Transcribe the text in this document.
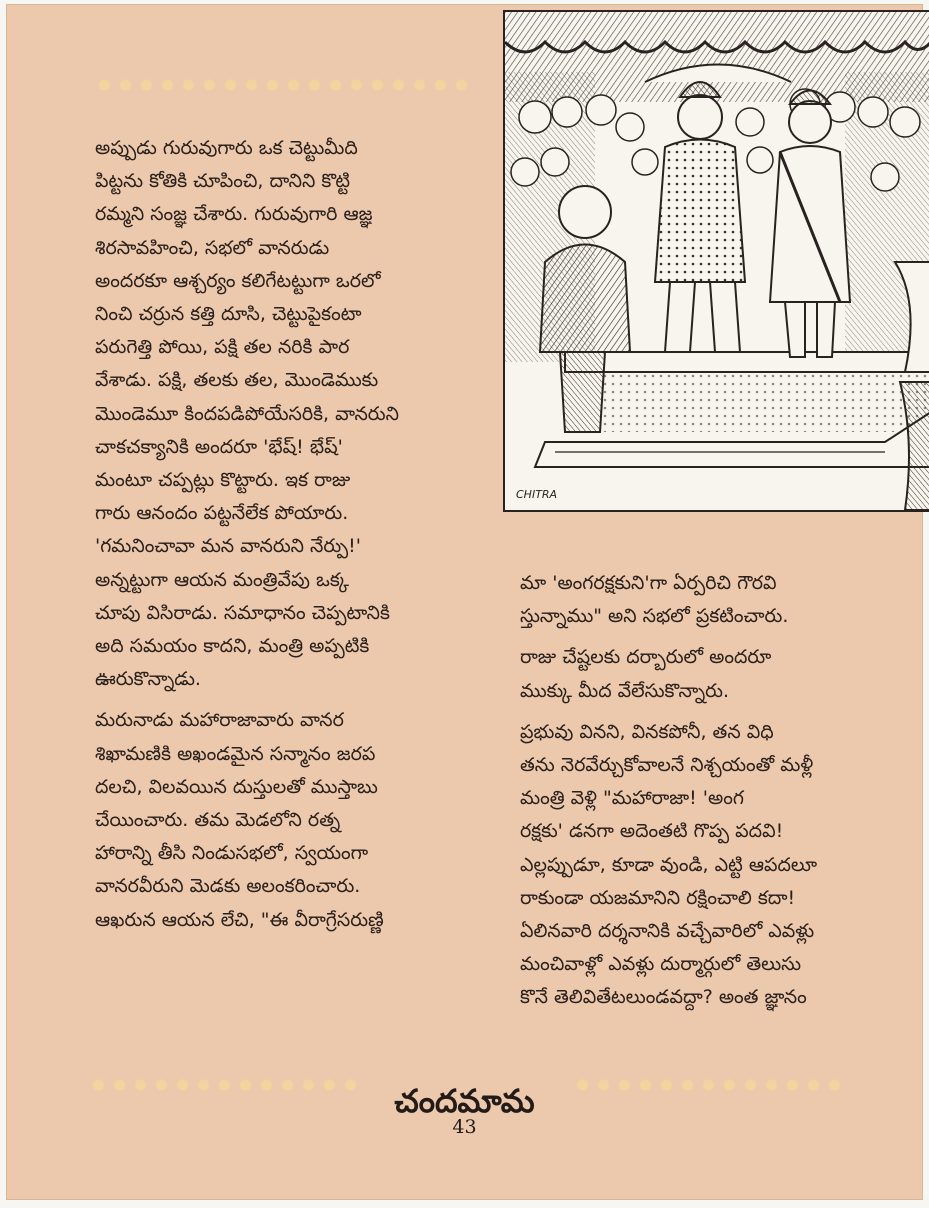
అప్పుడు గురువుగారు ఒక చెట్టుమీది
పిట్టను కోతికి చూపించి, దానిని కొట్టి
రమ్మని సంజ్ఞ చేశారు. గురువుగారి ఆజ్ఞ
శిరసావహించి, సభలో వానరుడు
అందరకూ ఆశ్చర్యం కలిగేటట్టుగా ఒరలో
నించి చర్రున కత్తి దూసి, చెట్టుపైకంటా
పరుగెత్తి పోయి, పక్షి తల నరికి పార
వేశాడు. పక్షి, తలకు తల, మొండెముకు
మొండెమూ కిందపడిపోయేసరికి, వానరుని
చాకచక్యానికి అందరూ 'భేష్! భేష్'
మంటూ చప్పట్లు కొట్టారు. ఇక రాజు
గారు ఆనందం పట్టనేలేక పోయారు.
'గమనించావా మన వానరుని నేర్పు!'
అన్నట్టుగా ఆయన మంత్రివేపు ఒక్క
చూపు విసిరాడు. సమాధానం చెప్పటానికి
అది సమయం కాదని, మంత్రి అప్పటికి
ఊరుకొన్నాడు.

మరునాడు మహారాజావారు వానర
శిఖామణికి అఖండమైన సన్మానం జరప
దలచి, విలవయిన దుస్తులతో ముస్తాబు
చేయించారు. తమ మెడలోని రత్న
హారాన్ని తీసి నిండుసభలో, స్వయంగా
వానరవీరుని మెడకు అలంకరించారు.
ఆఖరున ఆయన లేచి, "ఈ వీరాగ్రేసరుణ్ణి

CHITRA

మా 'అంగరక్షకుని'గా ఏర్పరిచి గౌరవి
స్తున్నాము" అని సభలో ప్రకటించారు.

రాజు చేష్టలకు దర్బారులో అందరూ
ముక్కు మీద వేలేసుకొన్నారు.

ప్రభువు వినని, వినకపోనీ, తన విధి
తను నెరవేర్చుకోవాలనే నిశ్చయంతో మళ్లీ
మంత్రి వెళ్లి "మహారాజా! 'అంగ
రక్షకు' డనగా అదెంతటి గొప్ప పదవి!
ఎల్లప్పుడూ, కూడా వుండి, ఎట్టి ఆపదలూ
రాకుండా యజమానిని రక్షించాలి కదా!
ఏలినవారి దర్శనానికి వచ్చేవారిలో ఎవళ్లు
మంచివాళ్లో ఎవళ్లు దుర్మార్గులో తెలుసు
కొనే తెలివితేటలుండవద్దా? అంత జ్ఞానం

చందమామ
43
